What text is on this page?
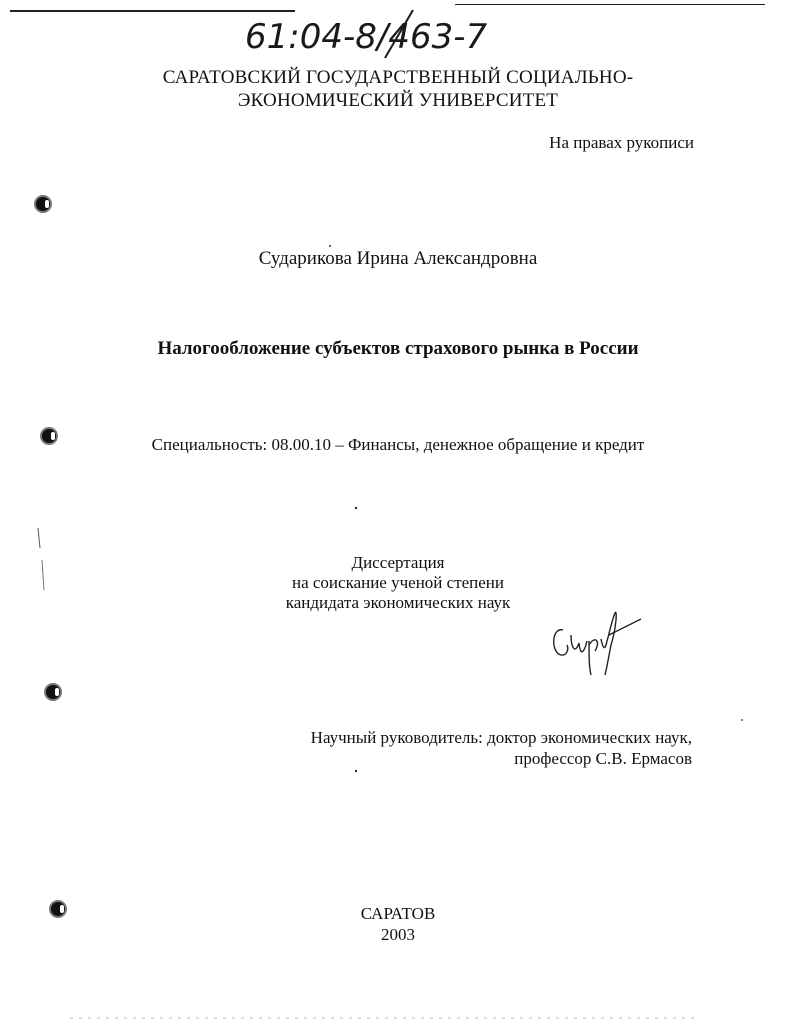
61:04-8/463-7
САРАТОВСКИЙ ГОСУДАРСТВЕННЫЙ СОЦИАЛЬНО-
ЭКОНОМИЧЕСКИЙ УНИВЕРСИТЕТ
На правах рукописи
Сударикова Ирина Александровна
Налогообложение субъектов страхового рынка в России
Специальность: 08.00.10 – Финансы, денежное обращение и кредит
Диссертация
на соискание ученой степени
кандидата экономических наук
Научный руководитель: доктор экономических наук,
профессор С.В. Ермасов
САРАТОВ
2003
